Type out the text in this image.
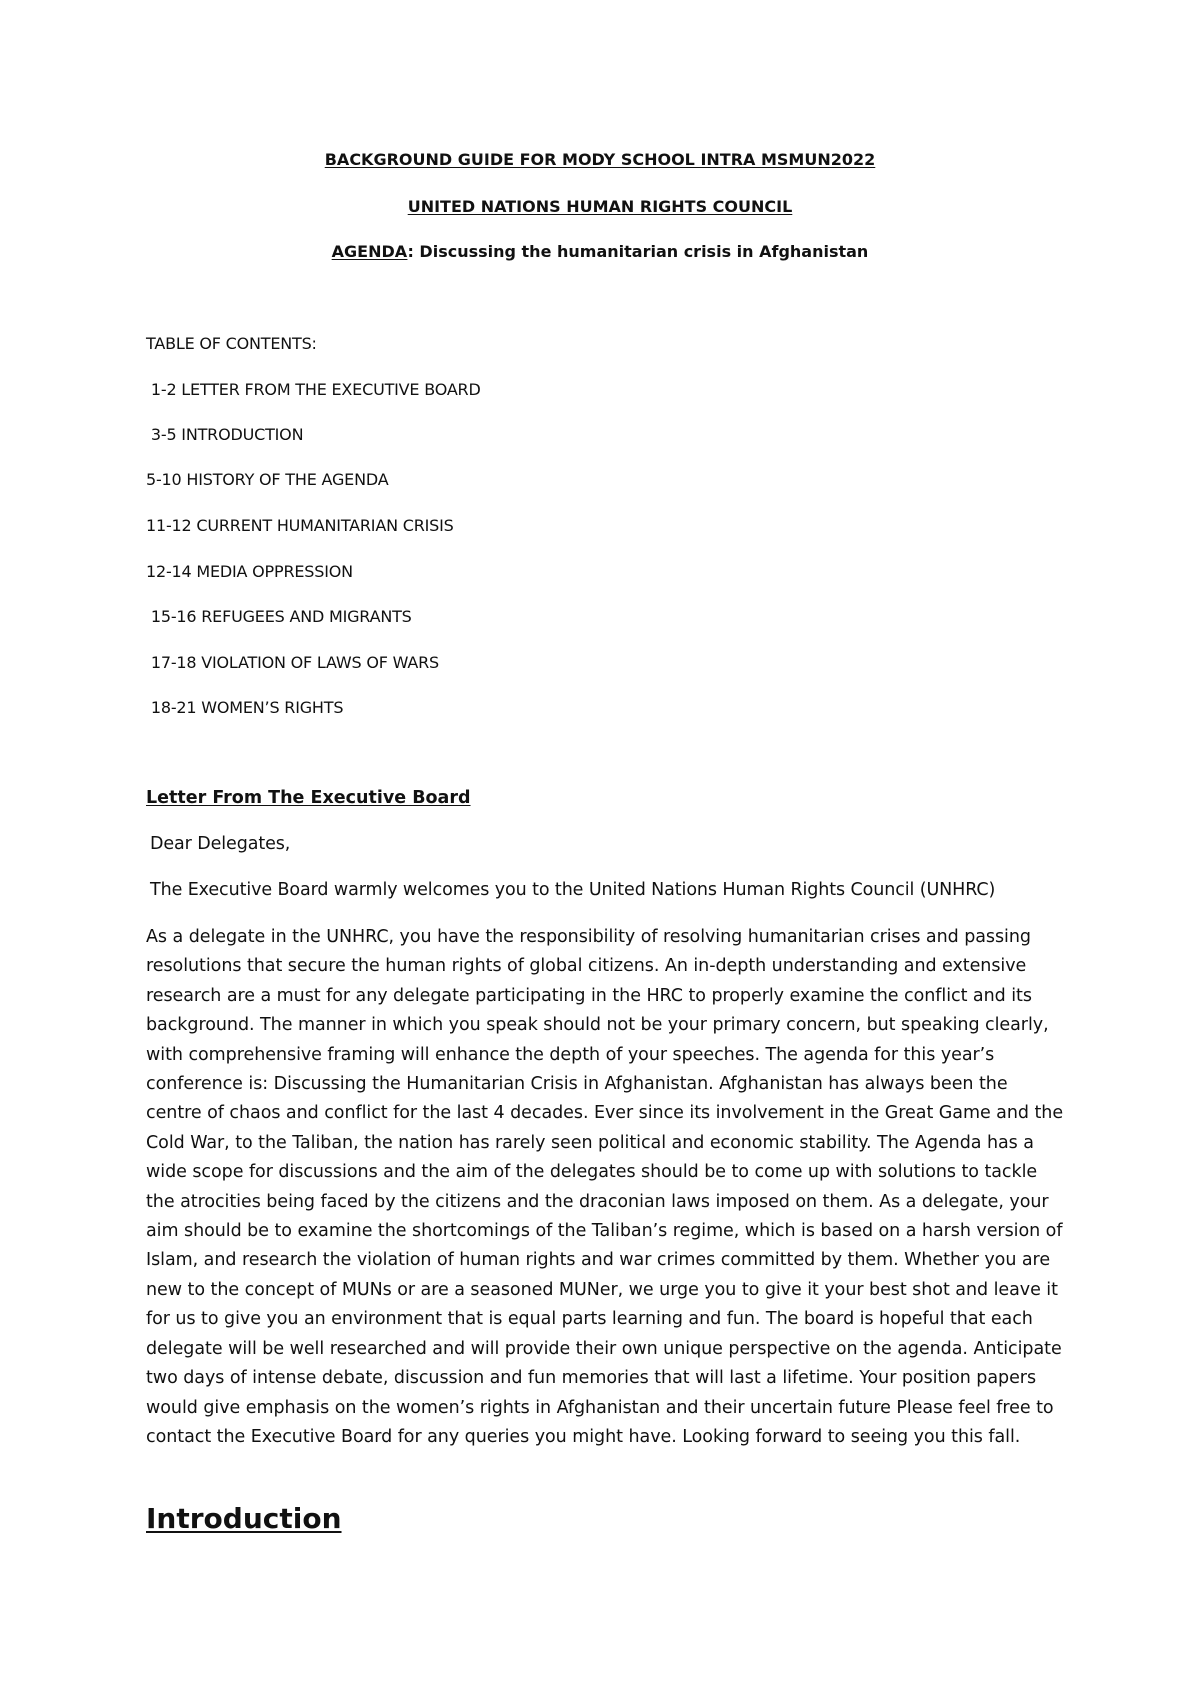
BACKGROUND GUIDE FOR MODY SCHOOL INTRA MSMUN2022
UNITED NATIONS HUMAN RIGHTS COUNCIL
AGENDA: Discussing the humanitarian crisis in Afghanistan
TABLE OF CONTENTS:
1-2 LETTER FROM THE EXECUTIVE BOARD
3-5 INTRODUCTION
5-10 HISTORY OF THE AGENDA
11-12 CURRENT HUMANITARIAN CRISIS
12-14 MEDIA OPPRESSION
15-16 REFUGEES AND MIGRANTS
17-18 VIOLATION OF LAWS OF WARS
18-21 WOMEN’S RIGHTS
Letter From The Executive Board
Dear Delegates,
The Executive Board warmly welcomes you to the United Nations Human Rights Council (UNHRC)
As a delegate in the UNHRC, you have the responsibility of resolving humanitarian crises and passing resolutions that secure the human rights of global citizens. An in-depth understanding and extensive research are a must for any delegate participating in the HRC to properly examine the conflict and its background. The manner in which you speak should not be your primary concern, but speaking clearly, with comprehensive framing will enhance the depth of your speeches. The agenda for this year’s conference is: Discussing the Humanitarian Crisis in Afghanistan. Afghanistan has always been the centre of chaos and conflict for the last 4 decades. Ever since its involvement in the Great Game and the Cold War, to the Taliban, the nation has rarely seen political and economic stability. The Agenda has a wide scope for discussions and the aim of the delegates should be to come up with solutions to tackle the atrocities being faced by the citizens and the draconian laws imposed on them. As a delegate, your aim should be to examine the shortcomings of the Taliban’s regime, which is based on a harsh version of Islam, and research the violation of human rights and war crimes committed by them. Whether you are new to the concept of MUNs or are a seasoned MUNer, we urge you to give it your best shot and leave it for us to give you an environment that is equal parts learning and fun. The board is hopeful that each delegate will be well researched and will provide their own unique perspective on the agenda. Anticipate two days of intense debate, discussion and fun memories that will last a lifetime. Your position papers would give emphasis on the women’s rights in Afghanistan and their uncertain future Please feel free to contact the Executive Board for any queries you might have. Looking forward to seeing you this fall.
Introduction
